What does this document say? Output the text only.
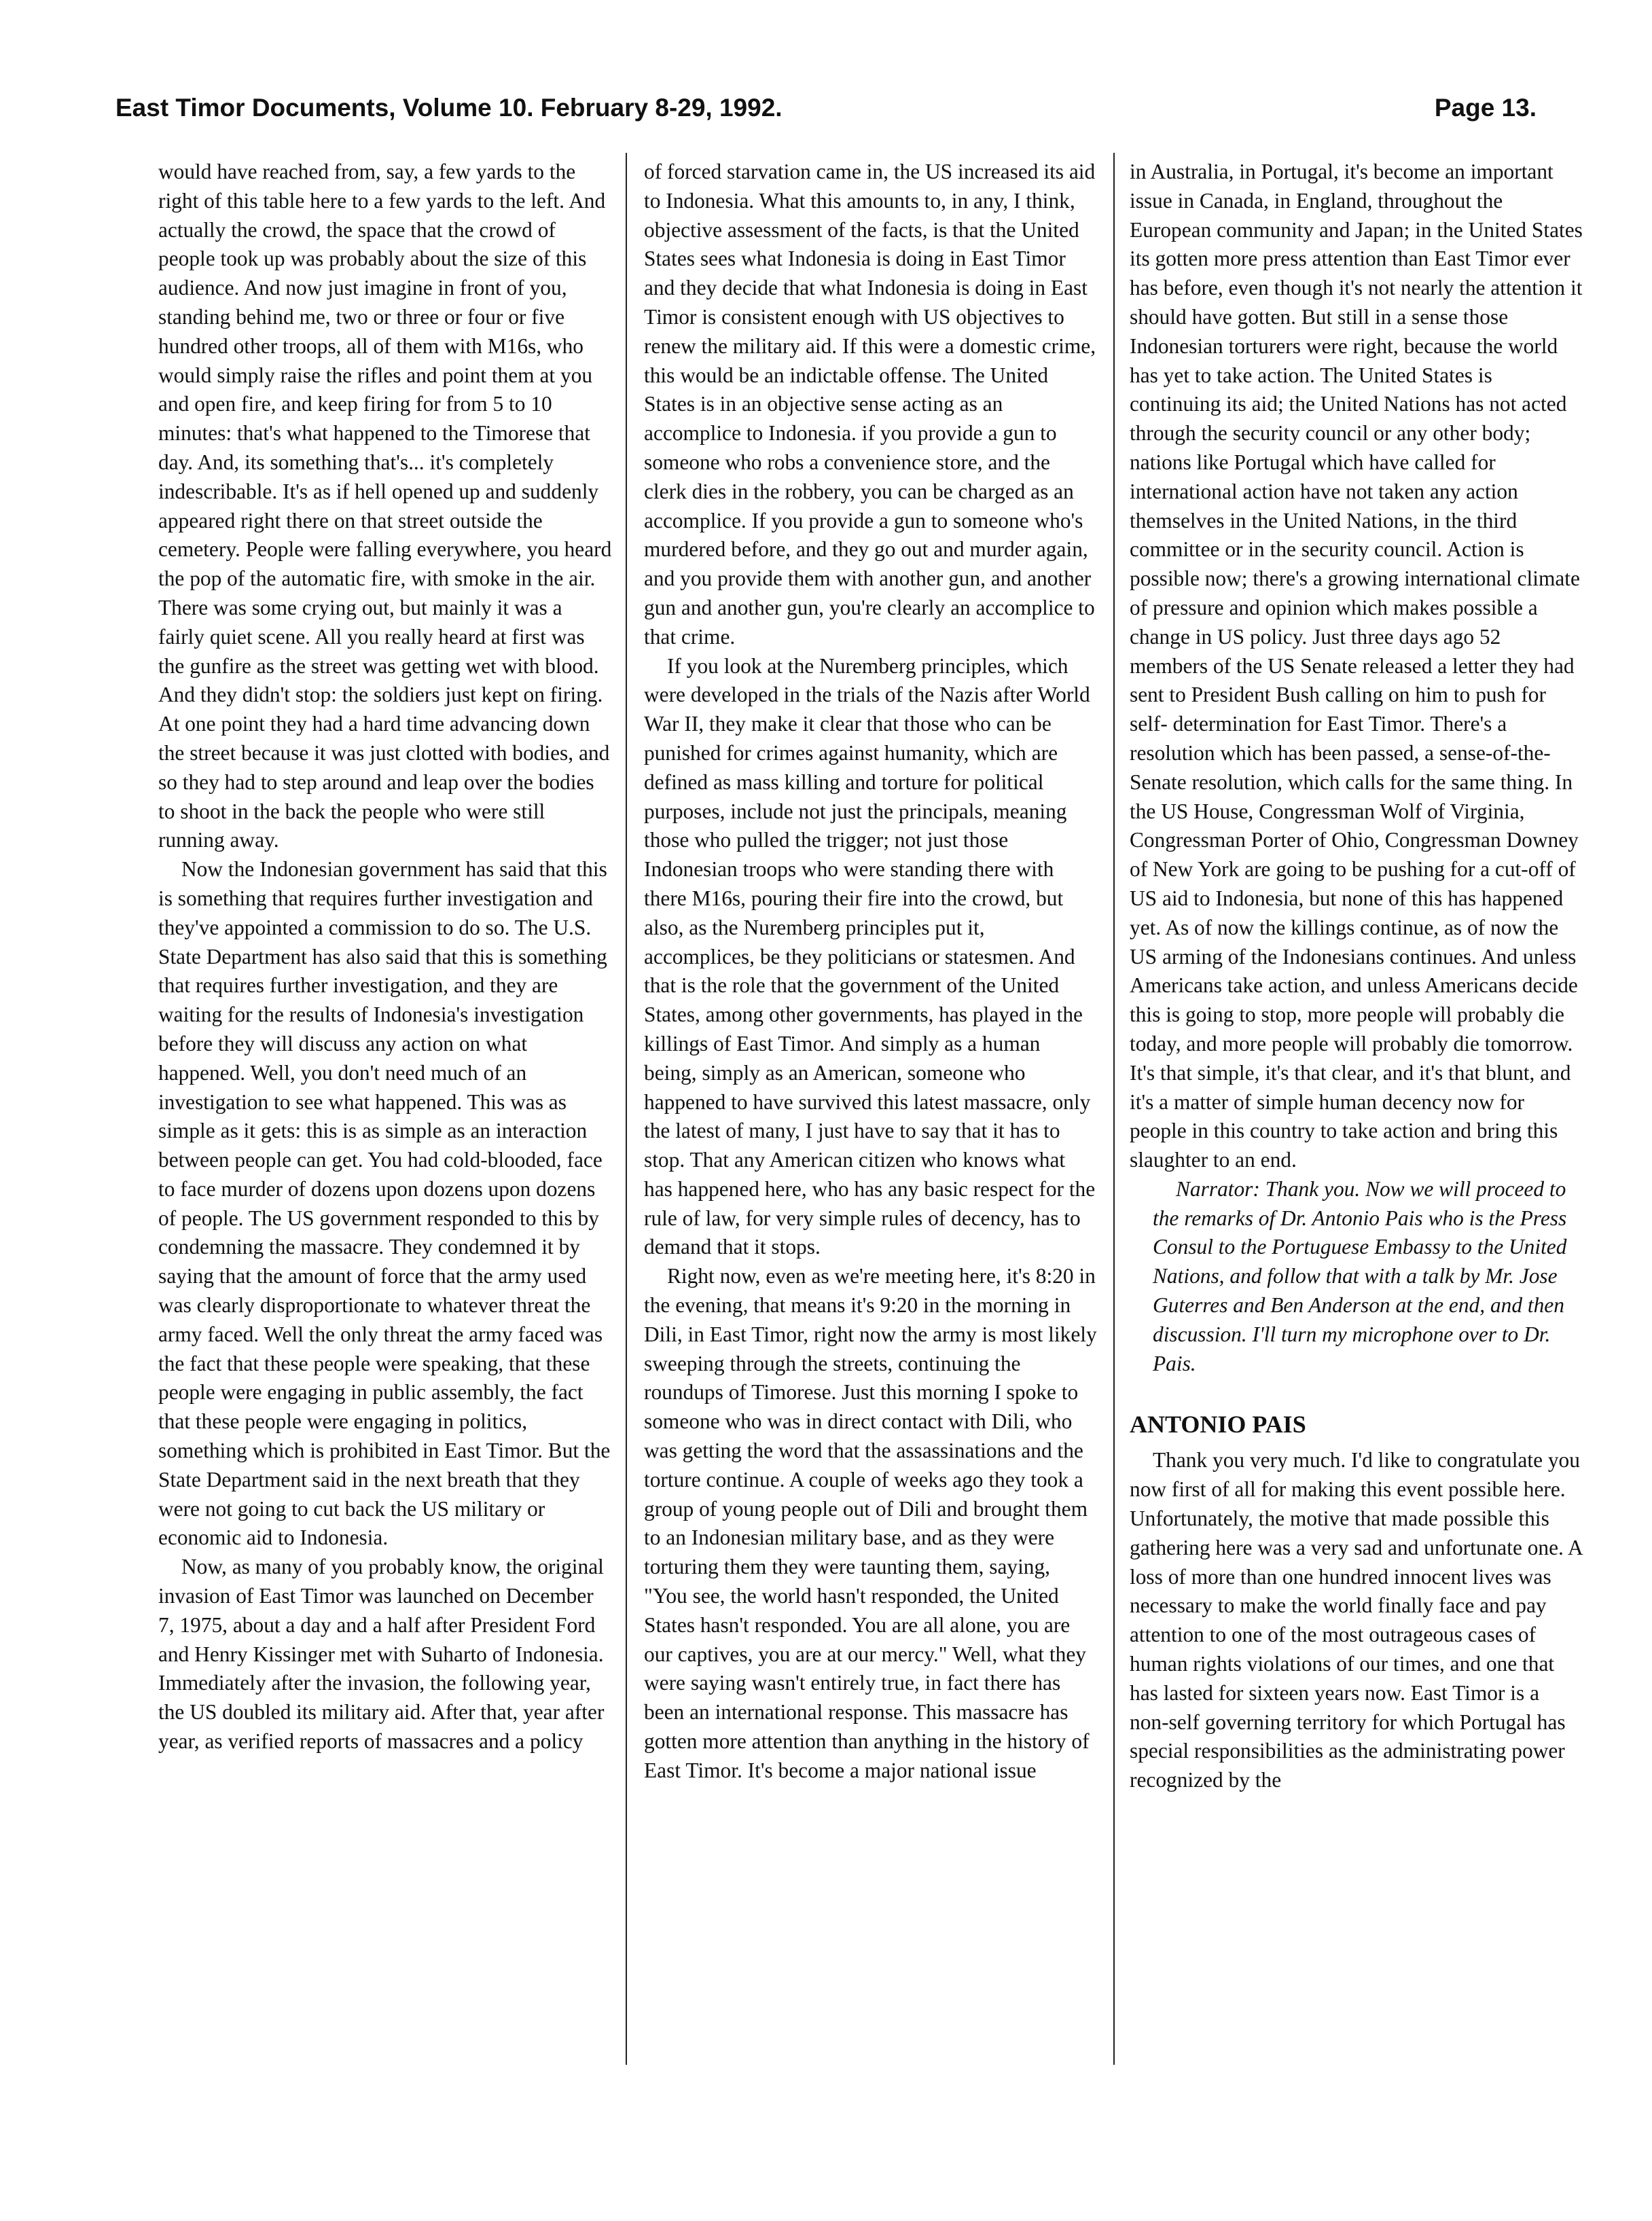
East Timor Documents, Volume 10. February 8-29, 1992.	Page 13.

would have reached from, say, a few yards to the right of this table here to a few yards to the left. And actually the crowd, the space that the crowd of people took up was probably about the size of this audience. And now just imagine in front of you, standing behind me, two or three or four or five hundred other troops, all of them with M16s, who would simply raise the rifles and point them at you and open fire, and keep firing for from 5 to 10 minutes: that's what happened to the Timorese that day. And, its something that's... it's completely indescribable. It's as if hell opened up and suddenly appeared right there on that street outside the cemetery. People were falling everywhere, you heard the pop of the automatic fire, with smoke in the air. There was some crying out, but mainly it was a fairly quiet scene. All you really heard at first was the gunfire as the street was getting wet with blood. And they didn't stop: the soldiers just kept on firing. At one point they had a hard time advancing down the street because it was just clotted with bodies, and so they had to step around and leap over the bodies to shoot in the back the people who were still running away.

Now the Indonesian government has said that this is something that requires further investigation and they've appointed a commission to do so. The U.S. State Department has also said that this is something that requires further investigation, and they are waiting for the results of Indonesia's investigation before they will discuss any action on what happened. Well, you don't need much of an investigation to see what happened. This was as simple as it gets: this is as simple as an interaction between people can get. You had cold-blooded, face to face murder of dozens upon dozens upon dozens of people. The US government responded to this by condemning the massacre. They condemned it by saying that the amount of force that the army used was clearly disproportionate to whatever threat the army faced. Well the only threat the army faced was the fact that these people were speaking, that these people were engaging in public assembly, the fact that these people were engaging in politics, something which is prohibited in East Timor. But the State Department said in the next breath that they were not going to cut back the US military or economic aid to Indonesia.

Now, as many of you probably know, the original invasion of East Timor was launched on December 7, 1975, about a day and a half after President Ford and Henry Kissinger met with Suharto of Indonesia. Immediately after the invasion, the following year, the US doubled its military aid. After that, year after year, as verified reports of massacres and a policy

of forced starvation came in, the US increased its aid to Indonesia. What this amounts to, in any, I think, objective assessment of the facts, is that the United States sees what Indonesia is doing in East Timor and they decide that what Indonesia is doing in East Timor is consistent enough with US objectives to renew the military aid. If this were a domestic crime, this would be an indictable offense. The United States is in an objective sense acting as an accomplice to Indonesia. if you provide a gun to someone who robs a convenience store, and the clerk dies in the robbery, you can be charged as an accomplice. If you provide a gun to someone who's murdered before, and they go out and murder again, and you provide them with another gun, and another gun and another gun, you're clearly an accomplice to that crime.

If you look at the Nuremberg principles, which were developed in the trials of the Nazis after World War II, they make it clear that those who can be punished for crimes against humanity, which are defined as mass killing and torture for political purposes, include not just the principals, meaning those who pulled the trigger; not just those Indonesian troops who were standing there with there M16s, pouring their fire into the crowd, but also, as the Nuremberg principles put it, accomplices, be they politicians or statesmen. And that is the role that the government of the United States, among other governments, has played in the killings of East Timor. And simply as a human being, simply as an American, someone who happened to have survived this latest massacre, only the latest of many, I just have to say that it has to stop. That any American citizen who knows what has happened here, who has any basic respect for the rule of law, for very simple rules of decency, has to demand that it stops.

Right now, even as we're meeting here, it's 8:20 in the evening, that means it's 9:20 in the morning in Dili, in East Timor, right now the army is most likely sweeping through the streets, continuing the roundups of Timorese. Just this morning I spoke to someone who was in direct contact with Dili, who was getting the word that the assassinations and the torture continue. A couple of weeks ago they took a group of young people out of Dili and brought them to an Indonesian military base, and as they were torturing them they were taunting them, saying, "You see, the world hasn't responded, the United States hasn't responded. You are all alone, you are our captives, you are at our mercy." Well, what they were saying wasn't entirely true, in fact there has been an international response. This massacre has gotten more attention than anything in the history of East Timor. It's become a major national issue

in Australia, in Portugal, it's become an important issue in Canada, in England, throughout the European community and Japan; in the United States its gotten more press attention than East Timor ever has before, even though it's not nearly the attention it should have gotten. But still in a sense those Indonesian torturers were right, because the world has yet to take action. The United States is continuing its aid; the United Nations has not acted through the security council or any other body; nations like Portugal which have called for international action have not taken any action themselves in the United Nations, in the third committee or in the security council. Action is possible now; there's a growing international climate of pressure and opinion which makes possible a change in US policy. Just three days ago 52 members of the US Senate released a letter they had sent to President Bush calling on him to push for self- determination for East Timor. There's a resolution which has been passed, a sense-of-the-Senate resolution, which calls for the same thing. In the US House, Congressman Wolf of Virginia, Congressman Porter of Ohio, Congressman Downey of New York are going to be pushing for a cut-off of US aid to Indonesia, but none of this has happened yet. As of now the killings continue, as of now the US arming of the Indonesians continues. And unless Americans take action, and unless Americans decide this is going to stop, more people will probably die today, and more people will probably die tomorrow. It's that simple, it's that clear, and it's that blunt, and it's a matter of simple human decency now for people in this country to take action and bring this slaughter to an end.

Narrator: Thank you. Now we will proceed to the remarks of Dr. Antonio Pais who is the Press Consul to the Portuguese Embassy to the United Nations, and follow that with a talk by Mr. Jose Guterres and Ben Anderson at the end, and then discussion. I'll turn my microphone over to Dr. Pais.

ANTONIO PAIS

Thank you very much. I'd like to congratulate you now first of all for making this event possible here. Unfortunately, the motive that made possible this gathering here was a very sad and unfortunate one. A loss of more than one hundred innocent lives was necessary to make the world finally face and pay attention to one of the most outrageous cases of human rights violations of our times, and one that has lasted for sixteen years now. East Timor is a non-self governing territory for which Portugal has special responsibilities as the administrating power recognized by the
